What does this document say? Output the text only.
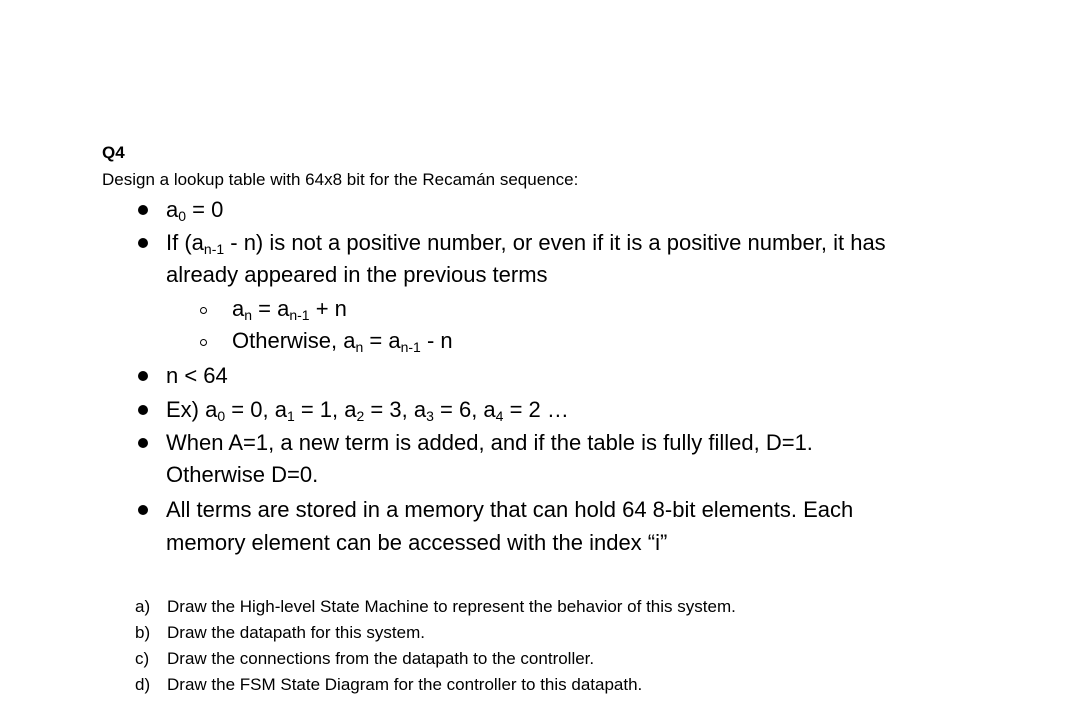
Q4
Design a lookup table with 64x8 bit for the Recamán sequence:
a0 = 0
If (an-1 - n) is not a positive number, or even if it is a positive number, it has
already appeared in the previous terms
an = an-1 + n
Otherwise, an = an-1 - n
n < 64
Ex) a0 = 0, a1 = 1, a2 = 3, a3 = 6, a4 = 2 …
When A=1, a new term is added, and if the table is fully filled, D=1.
Otherwise D=0.
All terms are stored in a memory that can hold 64 8-bit elements. Each
memory element can be accessed with the index “i”
a) Draw the High-level State Machine to represent the behavior of this system.
b) Draw the datapath for this system.
c) Draw the connections from the datapath to the controller.
d) Draw the FSM State Diagram for the controller to this datapath.
